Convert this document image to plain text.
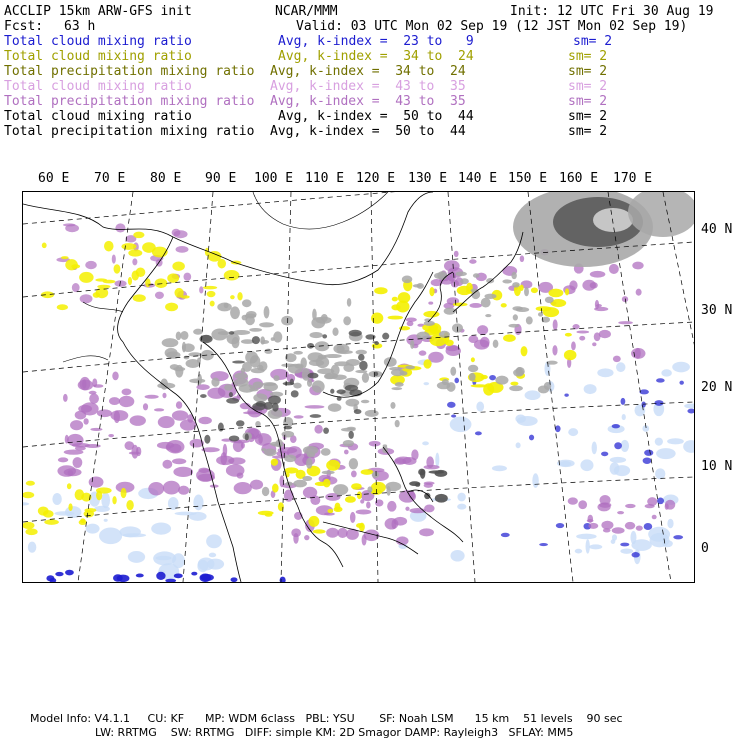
ACCLIP 15km ARW-GFS init	NCAR/MMM	Init: 12 UTC Fri 30 Aug 19
Fcst: 63 h	Valid: 03 UTC Mon 02 Sep 19 (12 JST Mon 02 Sep 19)
Total cloud mixing ratio	Avg, k-index =  23 to   9	sm= 2
Total cloud mixing ratio	Avg, k-index =  34 to  24	sm= 2
Total precipitation mixing ratio Avg, k-index =  34 to  24	sm= 2
Total cloud mixing ratio	Avg, k-index =  43 to  35	sm= 2
Total precipitation mixing ratio Avg, k-index =  43 to  35	sm= 2
Total cloud mixing ratio	Avg, k-index =  50 to  44	sm= 2
Total precipitation mixing ratio Avg, k-index =  50 to  44	sm= 2
60 E 70 E 80 E 90 E 100 E 110 E 120 E 130 E 140 E 150 E 160 E 170 E
40 N
30 N
20 N
10 N
0
Model Info: V4.1.1     CU: KF      MP: WDM 6class   PBL: YSU       SF: Noah LSM      15 km    51 levels    90 sec
LW: RRTMG    SW: RRTMG   DIFF: simple KM: 2D Smagor DAMP: Rayleigh3   SFLAY: MM5
